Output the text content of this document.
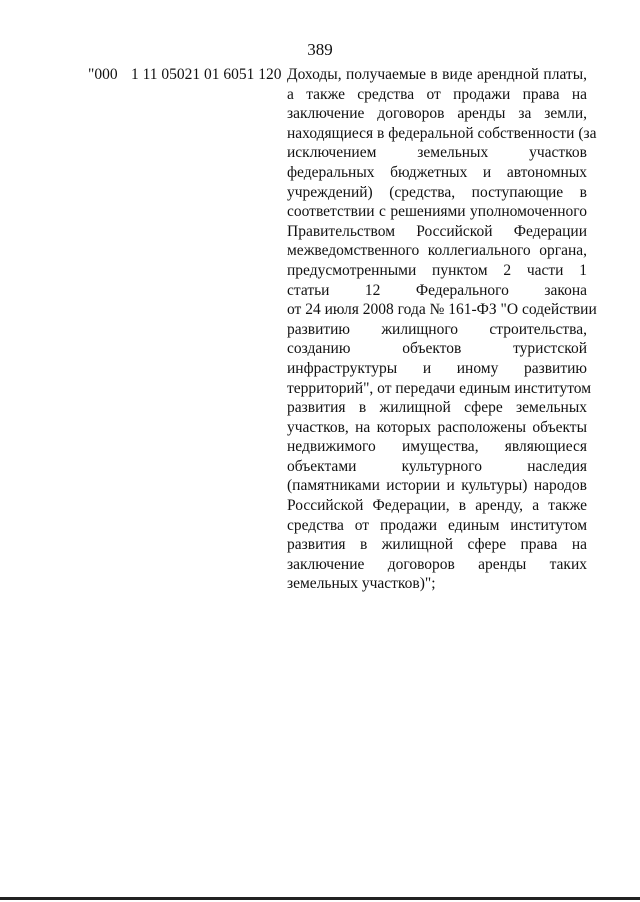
389
"000 1 11 05021 01 6051 120 Доходы, получаемые в виде арендной платы,
а также средства от продажи права на
заключение договоров аренды за земли,
находящиеся в федеральной собственности (за
исключением земельных участков
федеральных бюджетных и автономных
учреждений) (средства, поступающие в
соответствии с решениями уполномоченного
Правительством Российской Федерации
межведомственного коллегиального органа,
предусмотренными пунктом 2 части 1
статьи 12 Федерального закона
от 24 июля 2008 года № 161-ФЗ "О содействии
развитию жилищного строительства,
созданию объектов туристской
инфраструктуры и иному развитию
территорий", от передачи единым институтом
развития в жилищной сфере земельных
участков, на которых расположены объекты
недвижимого имущества, являющиеся
объектами культурного наследия
(памятниками истории и культуры) народов
Российской Федерации, в аренду, а также
средства от продажи единым институтом
развития в жилищной сфере права на
заключение договоров аренды таких
земельных участков)";
